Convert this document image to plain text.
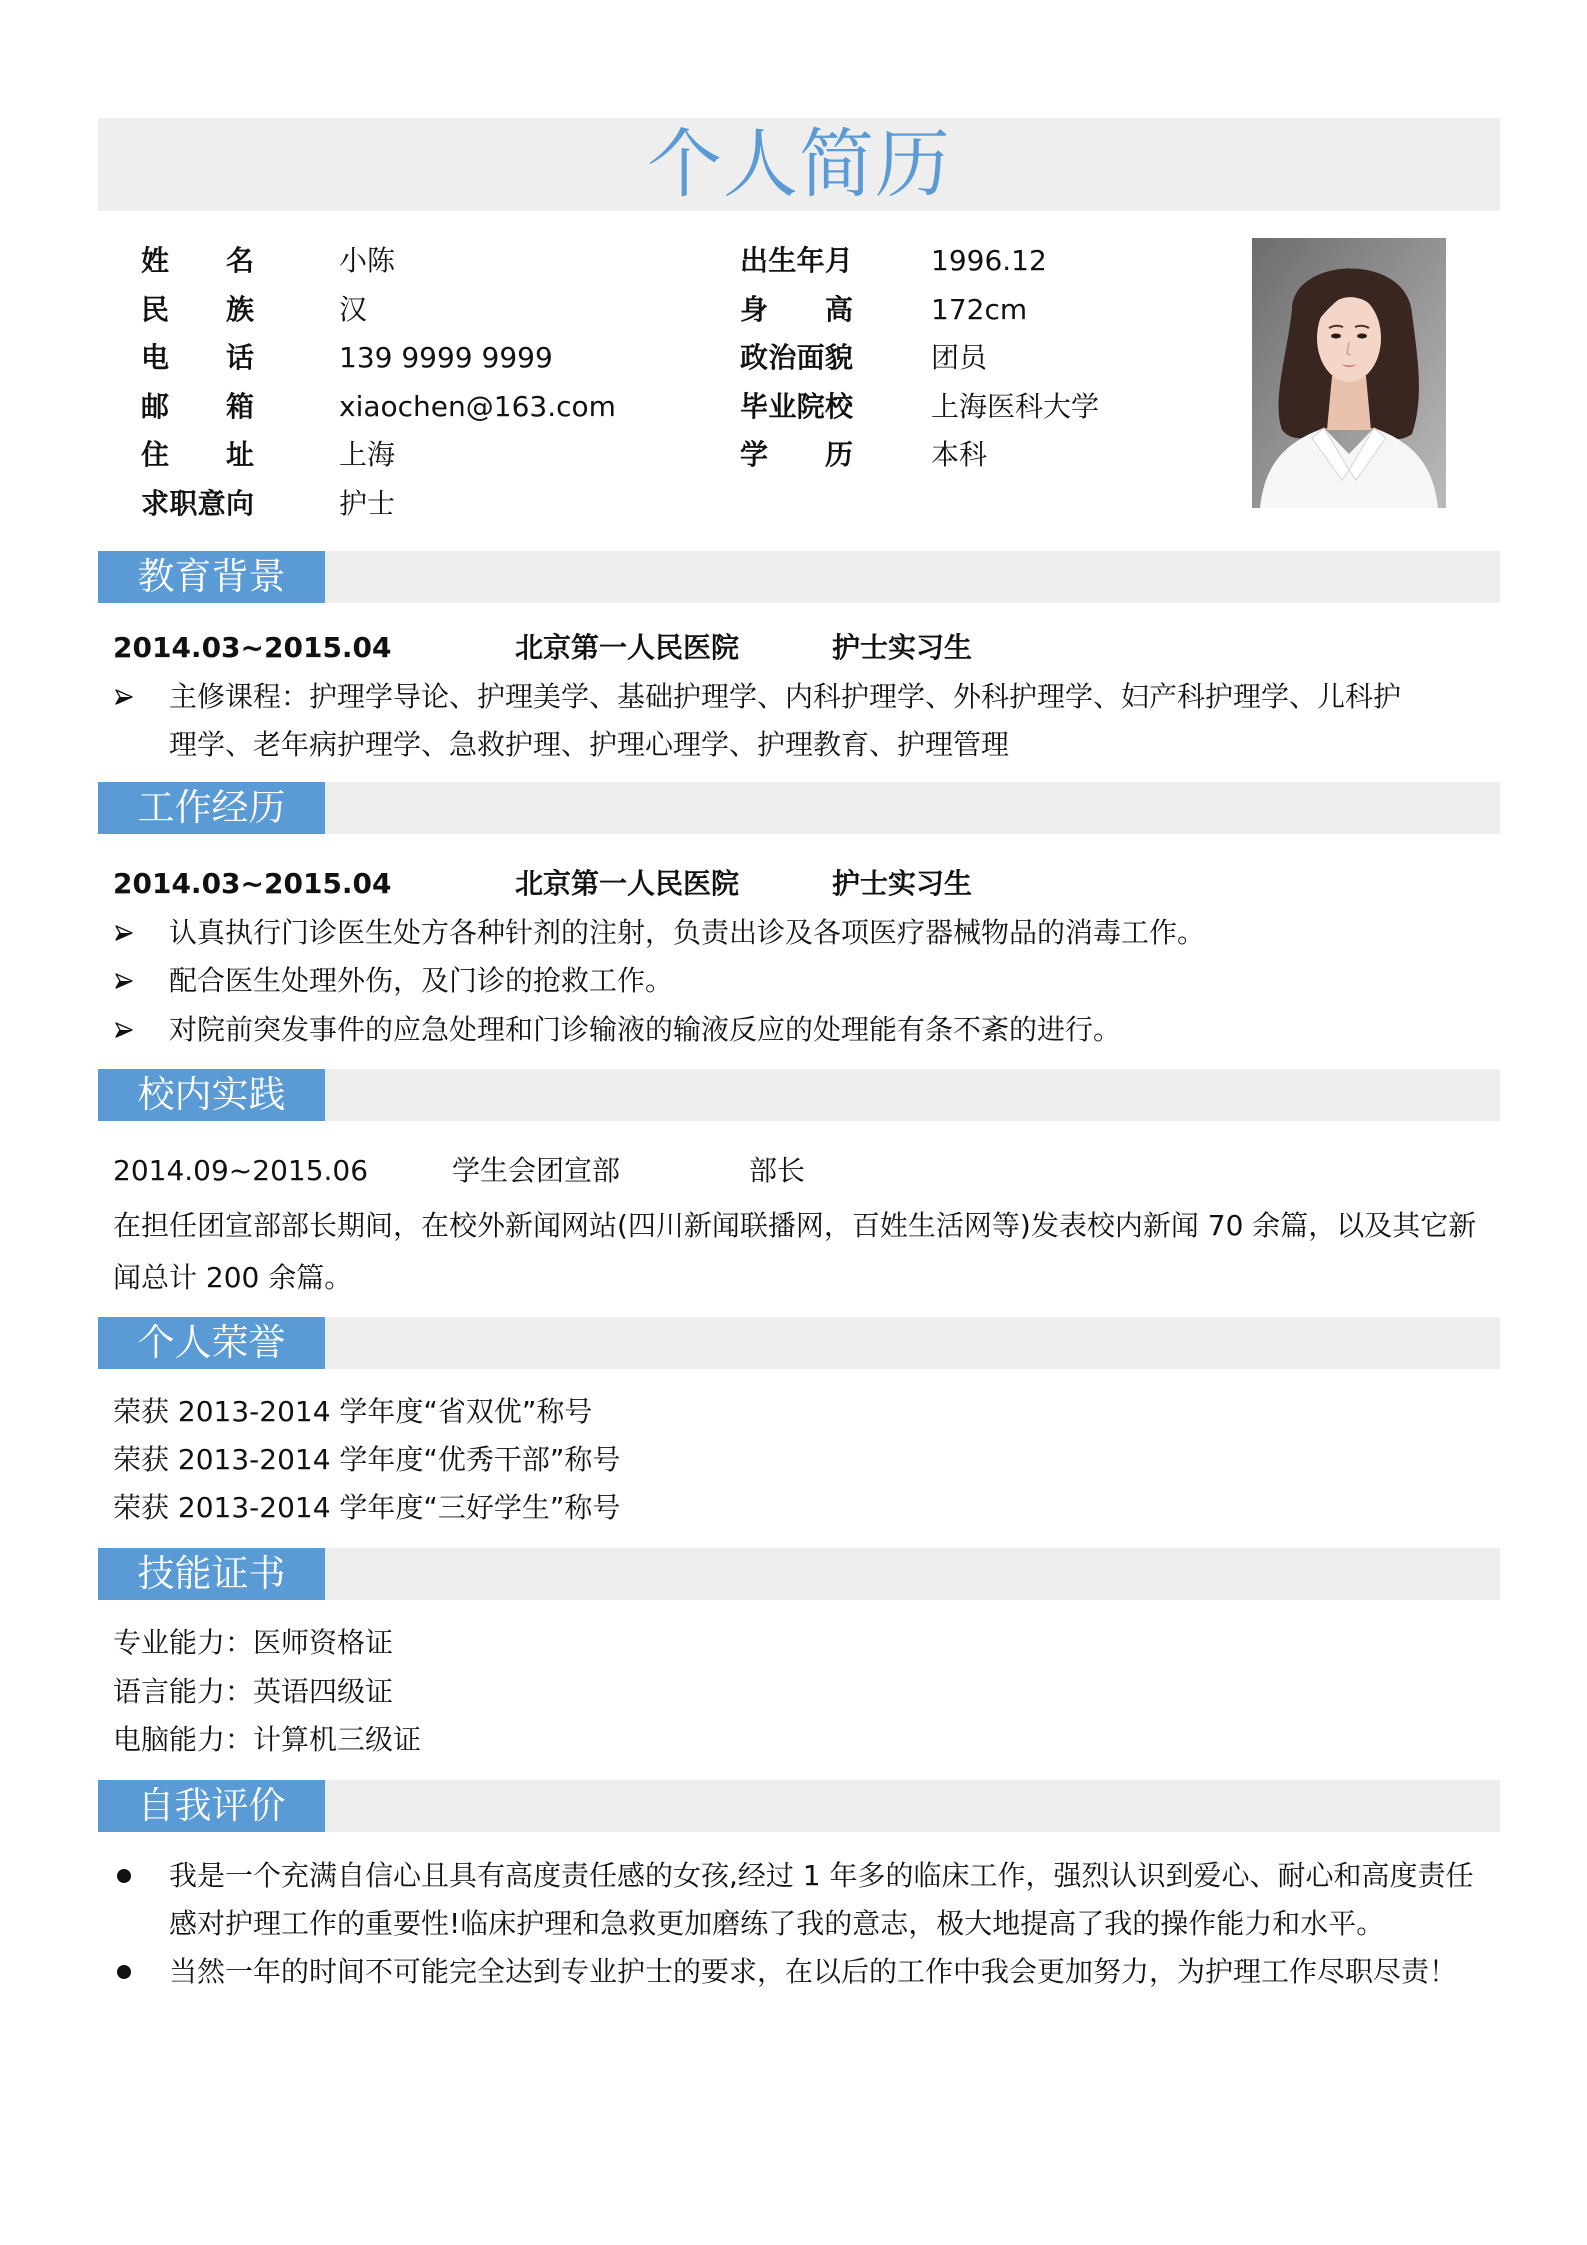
个人简历
姓 名	小陈
民 族	汉
电 话	139 9999 9999
邮 箱	xiaochen@163.com
住 址	上海
求 职 意 向	护士
出 生 年 月	1996.12
身 高	172cm
政 治 面 貌	团员
毕 业 院 校	上海医科大学
学 历	本科
教育背景
2014.03~2015.04	北京第一人民医院	护士实习生
主修课程：护理学导论、护理美学、基础护理学、内科护理学、外科护理学、妇产科护理学、儿科护
理学、老年病护理学、急救护理、护理心理学、护理教育、护理管理
工作经历
2014.03~2015.04	北京第一人民医院	护士实习生
认真执行门诊医生处方各种针剂的注射，负责出诊及各项医疗器械物品的消毒工作。
配合医生处理外伤，及门诊的抢救工作。
对院前突发事件的应急处理和门诊输液的输液反应的处理能有条不紊的进行。
校内实践
2014.09~2015.06	学生会团宣部	部长
在担任团宣部部长期间，在校外新闻网站(四川新闻联播网，百姓生活网等)发表校内新闻 70 余篇，以及其它新
闻总计 200 余篇。
个人荣誉
荣获 2013-2014 学年度“省双优”称号
荣获 2013-2014 学年度“优秀干部”称号
荣获 2013-2014 学年度“三好学生”称号
技能证书
专业能力：医师资格证
语言能力：英语四级证
电脑能力：计算机三级证
自我评价
我是一个充满自信心且具有高度责任感的女孩,经过 1 年多的临床工作，强烈认识到爱心、耐心和高度责任
感对护理工作的重要性!临床护理和急救更加磨练了我的意志，极大地提高了我的操作能力和水平。
当然一年的时间不可能完全达到专业护士的要求，在以后的工作中我会更加努力，为护理工作尽职尽责！
